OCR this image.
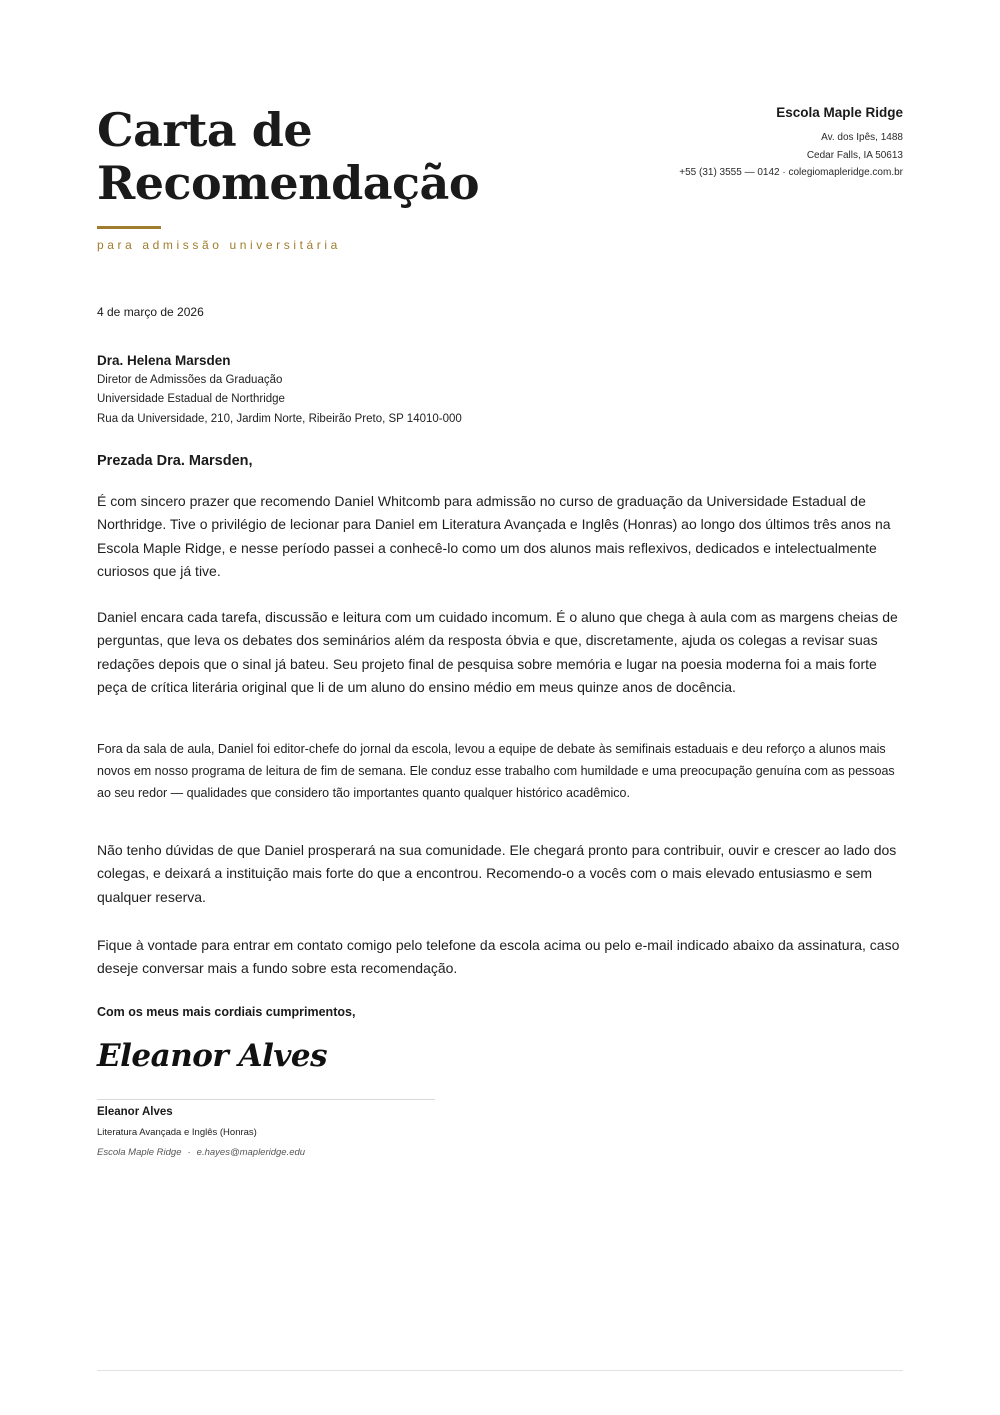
Carta de
Recomendação
para admissão universitária
Escola Maple Ridge
Av. dos Ipês, 1488
Cedar Falls, IA 50613
+55 (31) 3555 — 0142 · colegiomapleridge.com.br
4 de março de 2026
Dra. Helena Marsden
Diretor de Admissões da Graduação
Universidade Estadual de Northridge
Rua da Universidade, 210, Jardim Norte, Ribeirão Preto, SP 14010-000
Prezada Dra. Marsden,

É com sincero prazer que recomendo Daniel Whitcomb para admissão no curso de graduação da Universidade Estadual de Northridge. Tive o privilégio de lecionar para Daniel em Literatura Avançada e Inglês (Honras) ao longo dos últimos três anos na Escola Maple Ridge, e nesse período passei a conhecê-lo como um dos alunos mais reflexivos, dedicados e intelectualmente curiosos que já tive.

Daniel encara cada tarefa, discussão e leitura com um cuidado incomum. É o aluno que chega à aula com as margens cheias de perguntas, que leva os debates dos seminários além da resposta óbvia e que, discretamente, ajuda os colegas a revisar suas redações depois que o sinal já bateu. Seu projeto final de pesquisa sobre memória e lugar na poesia moderna foi a mais forte peça de crítica literária original que li de um aluno do ensino médio em meus quinze anos de docência.

Fora da sala de aula, Daniel foi editor-chefe do jornal da escola, levou a equipe de debate às semifinais estaduais e deu reforço a alunos mais novos em nosso programa de leitura de fim de semana. Ele conduz esse trabalho com humildade e uma preocupação genuína com as pessoas ao seu redor — qualidades que considero tão importantes quanto qualquer histórico acadêmico.

Não tenho dúvidas de que Daniel prosperará na sua comunidade. Ele chegará pronto para contribuir, ouvir e crescer ao lado dos colegas, e deixará a instituição mais forte do que a encontrou. Recomendo-o a vocês com o mais elevado entusiasmo e sem qualquer reserva.

Fique à vontade para entrar em contato comigo pelo telefone da escola acima ou pelo e-mail indicado abaixo da assinatura, caso deseje conversar mais a fundo sobre esta recomendação.

Com os meus mais cordiais cumprimentos,
Eleanor Alves
Eleanor Alves
Literatura Avançada e Inglês (Honras)
Escola Maple Ridge · e.hayes@mapleridge.edu
